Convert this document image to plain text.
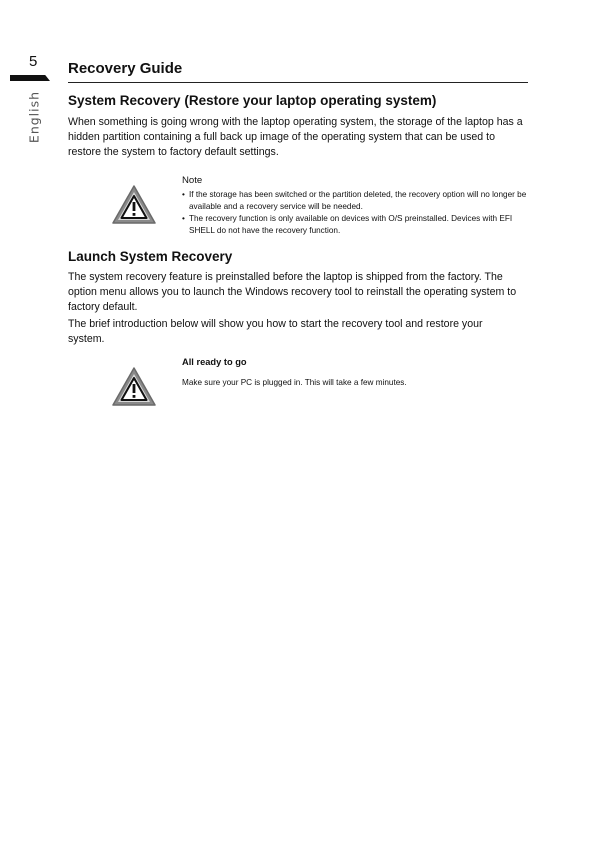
5
English
Recovery Guide
System Recovery (Restore your laptop operating system)

When something is going wrong with the laptop operating system, the storage of the laptop has a hidden partition containing a full back up image of the operating system that can be used to restore the system to factory default settings.

Note

• If the storage has been switched or the partition deleted, the recovery option will no longer be available and a recovery service will be needed.
• The recovery function is only available on devices with O/S preinstalled. Devices with EFI SHELL do not have the recovery function.
Launch System Recovery

The system recovery feature is preinstalled before the laptop is shipped from the factory. The option menu allows you to launch the Windows recovery tool to reinstall the operating system to factory default.

The brief introduction below will show you how to start the recovery tool and restore your system.

All ready to go

Make sure your PC is plugged in. This will take a few minutes.
